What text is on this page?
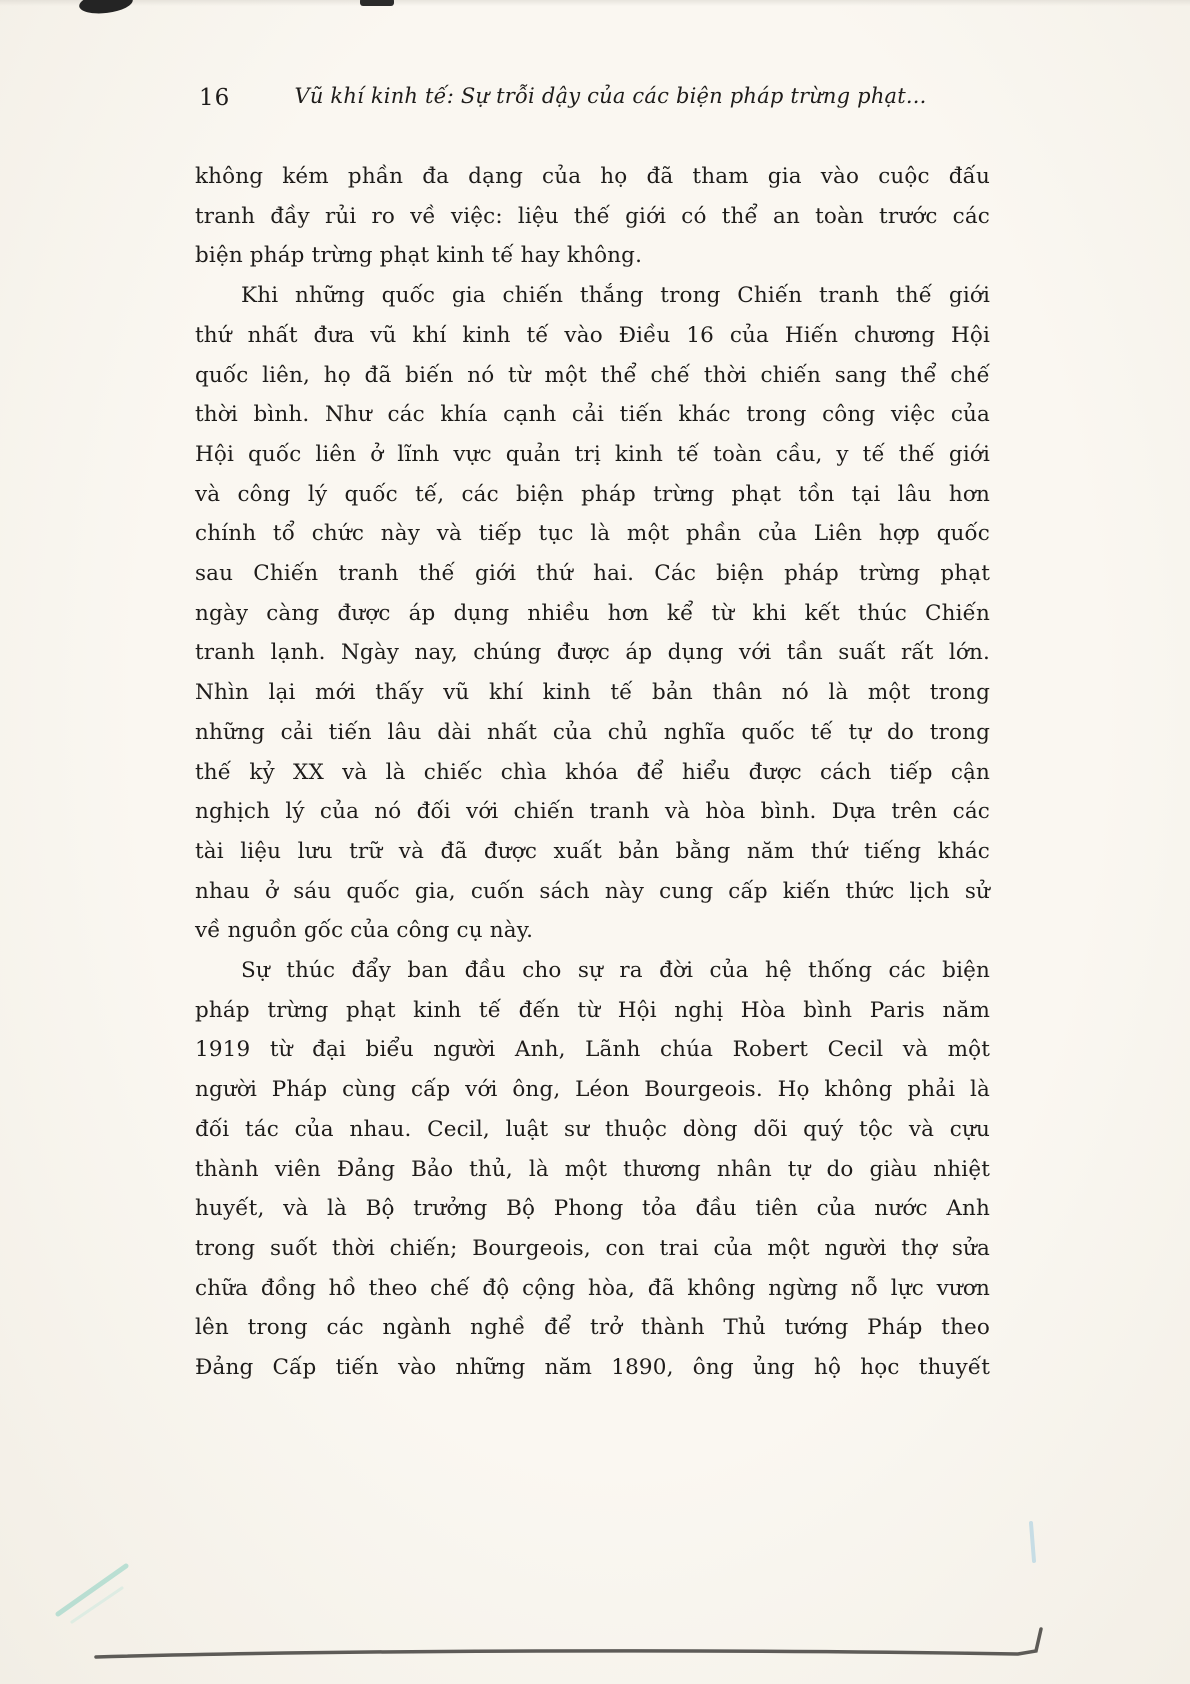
16	Vũ khí kinh tế: Sự trỗi dậy của các biện pháp trừng phạt...
không kém phần đa dạng của họ đã tham gia vào cuộc đấu
tranh đầy rủi ro về việc: liệu thế giới có thể an toàn trước các
biện pháp trừng phạt kinh tế hay không.
Khi những quốc gia chiến thắng trong Chiến tranh thế giới
thứ nhất đưa vũ khí kinh tế vào Điều 16 của Hiến chương Hội
quốc liên, họ đã biến nó từ một thể chế thời chiến sang thể chế
thời bình. Như các khía cạnh cải tiến khác trong công việc của
Hội quốc liên ở lĩnh vực quản trị kinh tế toàn cầu, y tế thế giới
và công lý quốc tế, các biện pháp trừng phạt tồn tại lâu hơn
chính tổ chức này và tiếp tục là một phần của Liên hợp quốc
sau Chiến tranh thế giới thứ hai. Các biện pháp trừng phạt
ngày càng được áp dụng nhiều hơn kể từ khi kết thúc Chiến
tranh lạnh. Ngày nay, chúng được áp dụng với tần suất rất lớn.
Nhìn lại mới thấy vũ khí kinh tế bản thân nó là một trong
những cải tiến lâu dài nhất của chủ nghĩa quốc tế tự do trong
thế kỷ XX và là chiếc chìa khóa để hiểu được cách tiếp cận
nghịch lý của nó đối với chiến tranh và hòa bình. Dựa trên các
tài liệu lưu trữ và đã được xuất bản bằng năm thứ tiếng khác
nhau ở sáu quốc gia, cuốn sách này cung cấp kiến thức lịch sử
về nguồn gốc của công cụ này.
Sự thúc đẩy ban đầu cho sự ra đời của hệ thống các biện
pháp trừng phạt kinh tế đến từ Hội nghị Hòa bình Paris năm
1919 từ đại biểu người Anh, Lãnh chúa Robert Cecil và một
người Pháp cùng cấp với ông, Léon Bourgeois. Họ không phải là
đối tác của nhau. Cecil, luật sư thuộc dòng dõi quý tộc và cựu
thành viên Đảng Bảo thủ, là một thương nhân tự do giàu nhiệt
huyết, và là Bộ trưởng Bộ Phong tỏa đầu tiên của nước Anh
trong suốt thời chiến; Bourgeois, con trai của một người thợ sửa
chữa đồng hồ theo chế độ cộng hòa, đã không ngừng nỗ lực vươn
lên trong các ngành nghề để trở thành Thủ tướng Pháp theo
Đảng Cấp tiến vào những năm 1890, ông ủng hộ học thuyết
